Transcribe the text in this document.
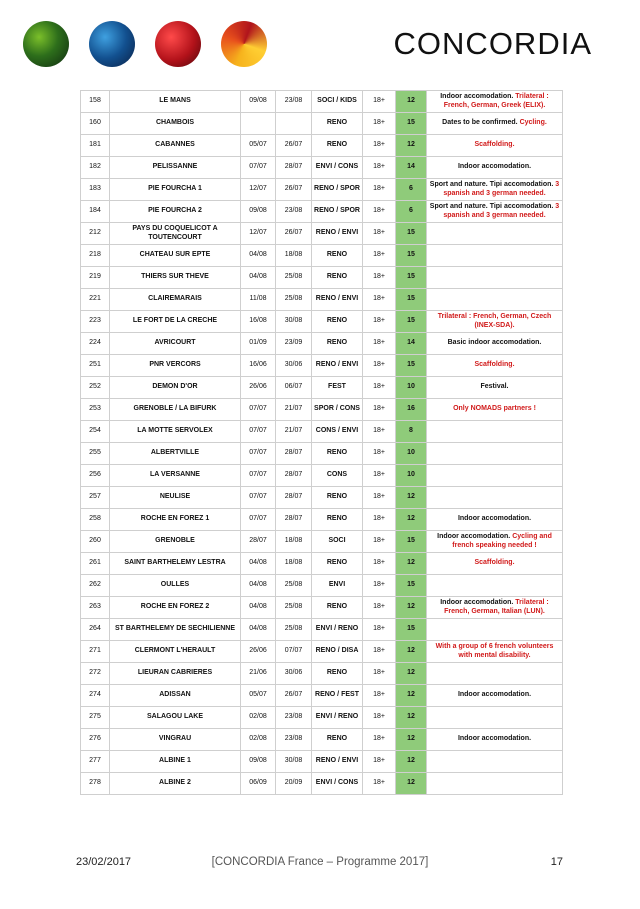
CONCORDIA
158	LE MANS	09/08	23/08	SOCI / KIDS	18+	12	Indoor accomodation. Trilateral : French, German, Greek (ELIX).
160	CHAMBOIS			RENO	18+	15	Dates to be confirmed. Cycling.
181	CABANNES	05/07	26/07	RENO	18+	12	Scaffolding.
182	PELISSANNE	07/07	28/07	ENVI / CONS	18+	14	Indoor accomodation.
183	PIE FOURCHA 1	12/07	26/07	RENO / SPOR	18+	6	Sport and nature. Tipi accomodation. 3 spanish and 3 german needed.
184	PIE FOURCHA 2	09/08	23/08	RENO / SPOR	18+	6	Sport and nature. Tipi accomodation. 3 spanish and 3 german needed.
212	PAYS DU COQUELICOT A TOUTENCOURT	12/07	26/07	RENO / ENVI	18+	15	
218	CHATEAU SUR EPTE	04/08	18/08	RENO	18+	15	
219	THIERS SUR THEVE	04/08	25/08	RENO	18+	15	
221	CLAIREMARAIS	11/08	25/08	RENO / ENVI	18+	15	
223	LE FORT DE LA CRECHE	16/08	30/08	RENO	18+	15	Trilateral : French, German, Czech (INEX-SDA).
224	AVRICOURT	01/09	23/09	RENO	18+	14	Basic indoor accomodation.
251	PNR VERCORS	16/06	30/06	RENO / ENVI	18+	15	Scaffolding.
252	DEMON D'OR	26/06	06/07	FEST	18+	10	Festival.
253	GRENOBLE / LA BIFURK	07/07	21/07	SPOR / CONS	18+	16	Only NOMADS partners !
254	LA MOTTE SERVOLEX	07/07	21/07	CONS / ENVI	18+	8	
255	ALBERTVILLE	07/07	28/07	RENO	18+	10	
256	LA VERSANNE	07/07	28/07	CONS	18+	10	
257	NEULISE	07/07	28/07	RENO	18+	12	
258	ROCHE EN FOREZ 1	07/07	28/07	RENO	18+	12	Indoor accomodation.
260	GRENOBLE	28/07	18/08	SOCI	18+	15	Indoor accomodation. Cycling and french speaking needed !
261	SAINT BARTHELEMY LESTRA	04/08	18/08	RENO	18+	12	Scaffolding.
262	OULLES	04/08	25/08	ENVI	18+	15	
263	ROCHE EN FOREZ 2	04/08	25/08	RENO	18+	12	Indoor accomodation. Trilateral : French, German, Italian (LUN).
264	ST BARTHELEMY DE SECHILIENNE	04/08	25/08	ENVI / RENO	18+	15	
271	CLERMONT L'HERAULT	26/06	07/07	RENO / DISA	18+	12	With a group of 6 french volunteers with mental disability.
272	LIEURAN CABRIERES	21/06	30/06	RENO	18+	12	
274	ADISSAN	05/07	26/07	RENO / FEST	18+	12	Indoor accomodation.
275	SALAGOU LAKE	02/08	23/08	ENVI / RENO	18+	12	
276	VINGRAU	02/08	23/08	RENO	18+	12	Indoor accomodation.
277	ALBINE 1	09/08	30/08	RENO / ENVI	18+	12	
278	ALBINE 2	06/09	20/09	ENVI / CONS	18+	12	
23/02/2017	[CONCORDIA France – Programme 2017]	17
